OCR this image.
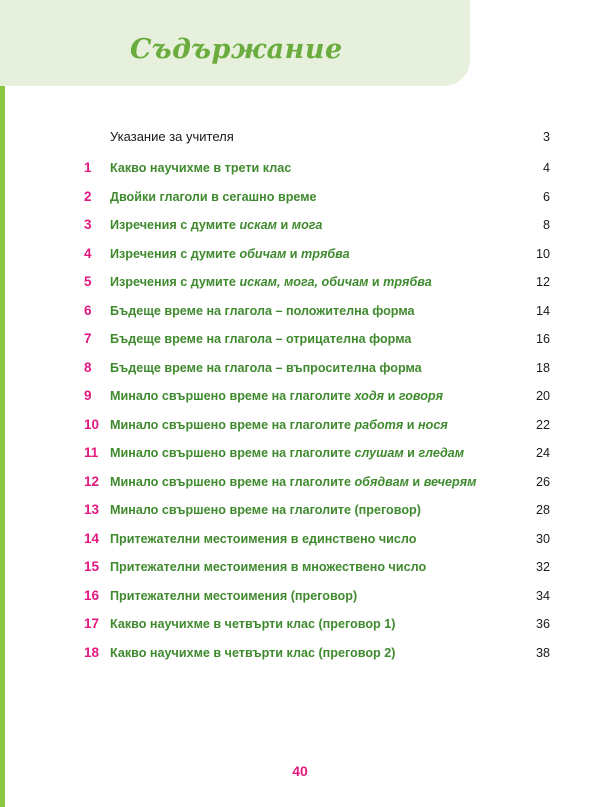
Съдържание
Указание за учителя	3
1	Какво научихме в трети клас	4
2	Двойки глаголи в сегашно време	6
3	Изречения с думите искам и мога	8
4	Изречения с думите обичам и трябва	10
5	Изречения с думите искам, мога, обичам и трябва	12
6	Бъдеще време на глагола – положителна форма	14
7	Бъдеще време на глагола – отрицателна форма	16
8	Бъдеще време на глагола – въпросителна форма	18
9	Минало свършено време на глаголите ходя и говоря	20
10 Минало свършено време на глаголите работя и нося	22
11 Минало свършено време на глаголите слушам и гледам	24
12 Минало свършено време на глаголите обядвам и вечерям	26
13 Минало свършено време на глаголите (преговор)	28
14 Притежателни местоимения в единствено число	30
15 Притежателни местоимения в множествено число	32
16 Притежателни местоимения (преговор)	34
17 Какво научихме в четвърти клас (преговор 1)	36
18 Какво научихме в четвърти клас (преговор 2)	38
40
